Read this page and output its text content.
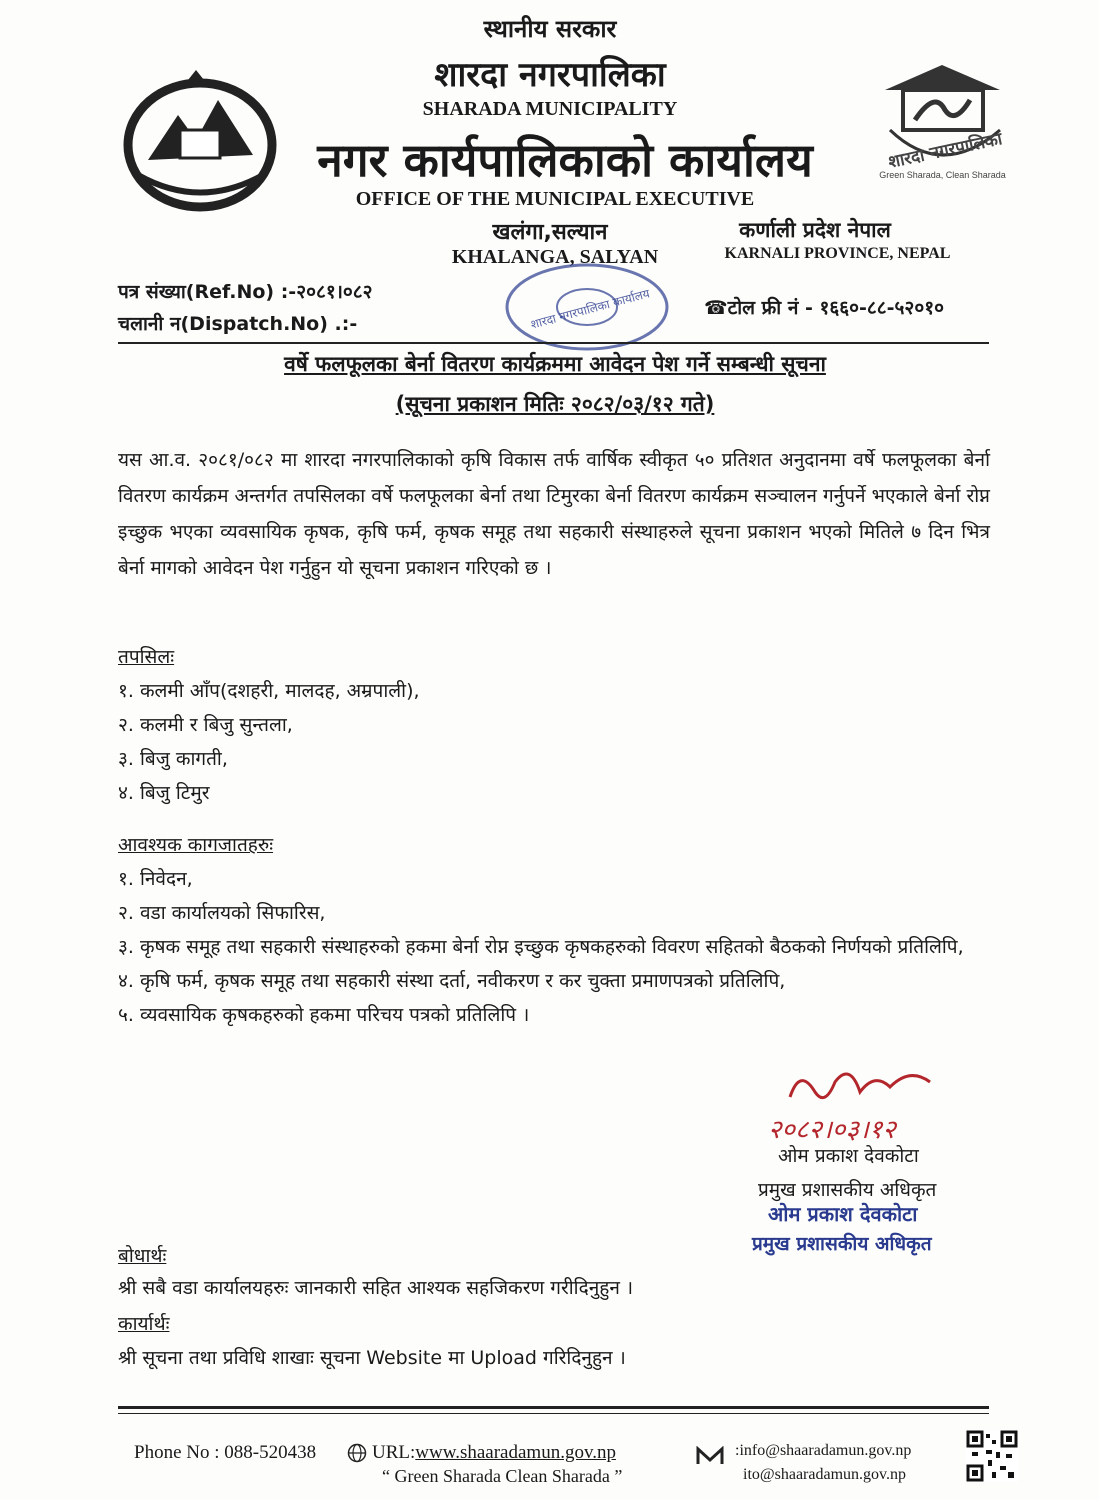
शारदा नगरपालिका
Green Sharada, Clean Sharada
स्थानीय सरकार
शारदा नगरपालिका
SHARADA MUNICIPALITY
नगर कार्यपालिकाको कार्यालय
OFFICE OF THE MUNICIPAL EXECUTIVE
खलंगा,सल्यान
KHALANGA, SALYAN
कर्णाली प्रदेश नेपाल
KARNALI PROVINCE, NEPAL
पत्र संख्या(Ref.No) :-२०८१।०८२
चलानी न(Dispatch.No) .:-
☎टोल फ्री नं - १६६०-८८-५२०१०
शारदा नगरपालिका कार्यालय
वर्षे फलफूलका बेर्ना वितरण कार्यक्रममा आवेदन पेश गर्ने सम्बन्धी सूचना
(सूचना प्रकाशन मितिः २०८२/०३/१२ गते)
यस आ.व. २०८१/०८२ मा शारदा नगरपालिकाको कृषि विकास तर्फ वार्षिक स्वीकृत ५० प्रतिशत अनुदानमा वर्षे फलफूलका बेर्ना वितरण कार्यक्रम अन्तर्गत तपसिलका वर्षे फलफूलका बेर्ना तथा टिमुरका बेर्ना वितरण कार्यक्रम सञ्चालन गर्नुपर्ने भएकाले बेर्ना रोप्न इच्छुक भएका व्यवसायिक कृषक, कृषि फर्म, कृषक समूह तथा सहकारी संस्थाहरुले सूचना प्रकाशन भएको मितिले ७ दिन भित्र बेर्ना मागको आवेदन पेश गर्नुहुन यो सूचना प्रकाशन गरिएको छ ।
तपसिलः
१. कलमी आँप(दशहरी, मालदह, अम्रपाली),
२. कलमी र बिजु सुन्तला,
३. बिजु कागती,
४. बिजु टिमुर
आवश्यक कागजातहरुः
१. निवेदन,
२. वडा कार्यालयको सिफारिस,
३. कृषक समूह तथा सहकारी संस्थाहरुको हकमा बेर्ना रोप्न इच्छुक कृषकहरुको विवरण सहितको बैठकको निर्णयको प्रतिलिपि,
४. कृषि फर्म, कृषक समूह तथा सहकारी संस्था दर्ता, नवीकरण र कर चुक्ता प्रमाणपत्रको प्रतिलिपि,
५. व्यवसायिक कृषकहरुको हकमा परिचय पत्रको प्रतिलिपि ।
२०८२।०३।१२
ओम प्रकाश देवकोटा
प्रमुख प्रशासकीय अधिकृत
ओम प्रकाश देवकोटा
प्रमुख प्रशासकीय अधिकृत
बोधार्थः
श्री सबै वडा कार्यालयहरुः जानकारी सहित आश्यक सहजिकरण गरीदिनुहुन ।
कार्यार्थः
श्री सूचना तथा प्रविधि शाखाः सूचना Website मा Upload गरिदिनुहुन ।
Phone No : 088-520438	URL:www.shaaradamun.gov.np
“ Green Sharada Clean Sharada ”
:info@shaaradamun.gov.np
ito@shaaradamun.gov.np
